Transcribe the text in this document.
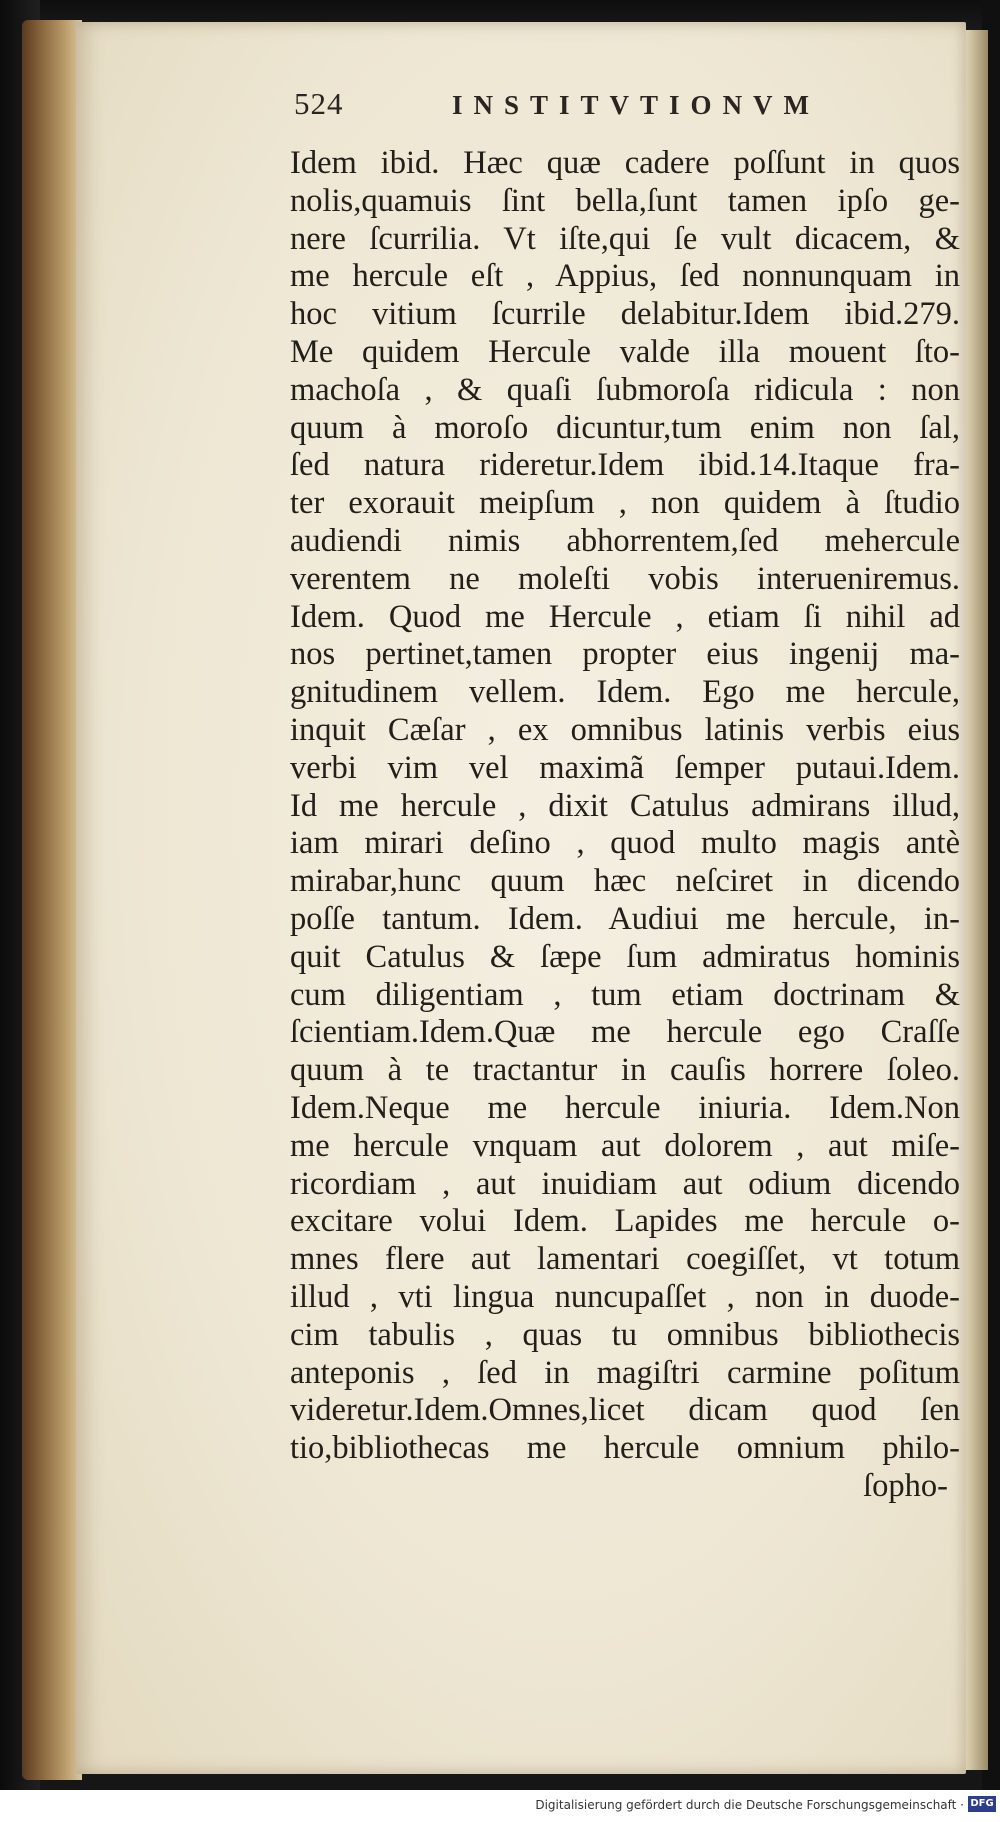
524	INSTITVTIONVM
Idem ibid. Hæc quæ cadere poſſunt in quos
nolis,quamuis ſint bella,ſunt tamen ipſo ge-
nere ſcurrilia. Vt iſte,qui ſe vult dicacem, &
me hercule eſt , Appius, ſed nonnunquam in
hoc vitium ſcurrile delabitur.Idem ibid.279.
Me quidem Hercule valde illa mouent ſto-
machoſa , & quaſi ſubmoroſa ridicula : non
quum à moroſo dicuntur,tum enim non ſal,
ſed natura rideretur.Idem ibid.14.Itaque fra-
ter exorauit meipſum , non quidem à ſtudio
audiendi nimis abhorrentem,ſed mehercule
verentem ne moleſti vobis interueniremus.
Idem. Quod me Hercule , etiam ſi nihil ad
nos pertinet,tamen propter eius ingenij ma-
gnitudinem vellem. Idem. Ego me hercule,
inquit Cæſar , ex omnibus latinis verbis eius
verbi vim vel maximã ſemper putaui.Idem.
Id me hercule , dixit Catulus admirans illud,
iam mirari deſino , quod multo magis antè
mirabar,hunc quum hæc neſciret in dicendo
poſſe tantum. Idem. Audiui me hercule, in-
quit Catulus & ſæpe ſum admiratus hominis
cum diligentiam , tum etiam doctrinam &
ſcientiam.Idem.Quæ me hercule ego Craſſe
quum à te tractantur in cauſis horrere ſoleo.
Idem.Neque me hercule iniuria. Idem.Non
me hercule vnquam aut dolorem , aut miſe-
ricordiam , aut inuidiam aut odium dicendo
excitare volui Idem. Lapides me hercule o-
mnes flere aut lamentari coegiſſet, vt totum
illud , vti lingua nuncupaſſet , non in duode-
cim tabulis , quas tu omnibus bibliothecis
anteponis , ſed in magiſtri carmine poſitum
videretur.Idem.Omnes,licet dicam quod ſen
tio,bibliothecas me hercule omnium philo-
ſopho-
Digitalisierung gefördert durch die Deutsche Forschungsgemeinschaft · DFG
